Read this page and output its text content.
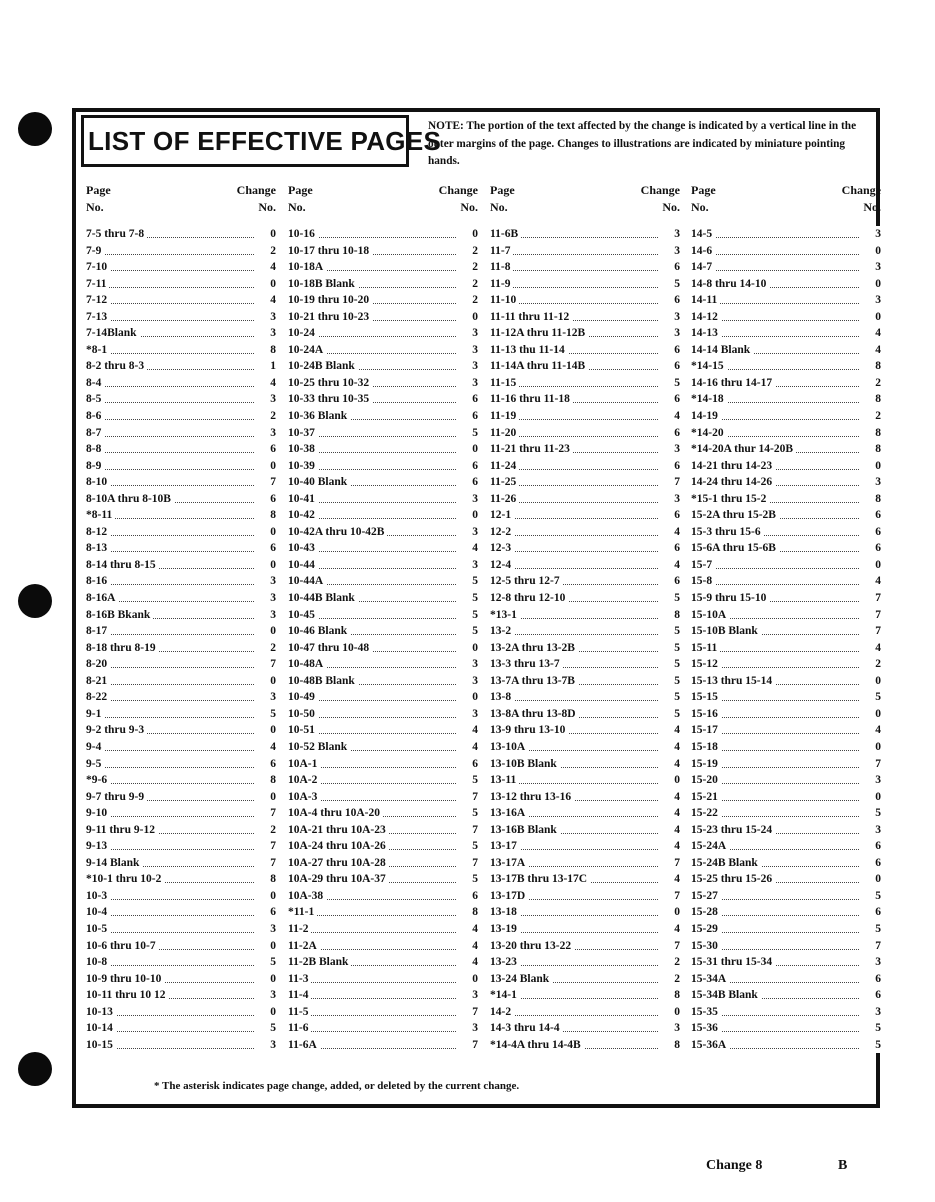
LIST OF EFFECTIVE PAGES
NOTE: The portion of the text affected by the change is indicated by a vertical line in the outer margins of the page. Changes to illustrations are indicated by miniature pointing hands.
Page
No.
Change
No.
7-5 thru 7-8	0
7-9	2
7-10	4
7-11	0
7-12	4
7-13	3
7-14Blank	3
*8-1	8
8-2 thru 8-3	1
8-4	4
8-5	3
8-6	2
8-7	3
8-8	6
8-9	0
8-10	7
8-10A thru 8-10B	6
*8-11	8
8-12	0
8-13	6
8-14 thru 8-15	0
8-16	3
8-16A	3
8-16B Bkank	3
8-17	0
8-18 thru 8-19	2
8-20	7
8-21	0
8-22	3
9-1	5
9-2 thru 9-3	0
9-4	4
9-5	6
*9-6	8
9-7 thru 9-9	0
9-10	7
9-11 thru 9-12	2
9-13	7
9-14 Blank	7
*10-1 thru 10-2	8
10-3	0
10-4	6
10-5	3
10-6 thru 10-7	0
10-8	5
10-9 thru 10-10	0
10-11 thru 10 12	3
10-13	0
10-14	5
10-15	3
Page
No.
Change
No.
10-16	0
10-17 thru 10-18	2
10-18A	2
10-18B Blank	2
10-19 thru 10-20	2
10-21 thru 10-23	0
10-24	3
10-24A	3
10-24B Blank	3
10-25 thru 10-32	3
10-33 thru 10-35	6
10-36 Blank	6
10-37	5
10-38	0
10-39	6
10-40 Blank	6
10-41	3
10-42	0
10-42A thru 10-42B	3
10-43	4
10-44	3
10-44A	5
10-44B Blank	5
10-45	5
10-46 Blank	5
10-47 thru 10-48	0
10-48A	3
10-48B Blank	3
10-49	0
10-50	3
10-51	4
10-52 Blank	4
10A-1	6
10A-2	5
10A-3	7
10A-4 thru 10A-20	5
10A-21 thru 10A-23	7
10A-24 thru 10A-26	5
10A-27 thru 10A-28	7
10A-29 thru 10A-37	5
10A-38	6
*11-1	8
11-2	4
11-2A	4
11-2B Blank	4
11-3	0
11-4	3
11-5	7
11-6	3
11-6A	7
Page
No.
Change
No.
11-6B	3
11-7	3
11-8	6
11-9	5
11-10	6
11-11 thru 11-12	3
11-12A thru 11-12B	3
11-13 thu 11-14	6
11-14A thru 11-14B	6
11-15	5
11-16 thru 11-18	6
11-19	4
11-20	6
11-21 thru 11-23	3
11-24	6
11-25	7
11-26	3
12-1	6
12-2	4
12-3	6
12-4	4
12-5 thru 12-7	6
12-8 thru 12-10	5
*13-1	8
13-2	5
13-2A thru 13-2B	5
13-3 thru 13-7	5
13-7A thru 13-7B	5
13-8	5
13-8A thru 13-8D	5
13-9 thru 13-10	4
13-10A	4
13-10B Blank	4
13-11	0
13-12 thru 13-16	4
13-16A	4
13-16B Blank	4
13-17	4
13-17A	7
13-17B thru 13-17C	4
13-17D	7
13-18	0
13-19	4
13-20 thru 13-22	7
13-23	2
13-24 Blank	2
*14-1	8
14-2	0
14-3 thru 14-4	3
*14-4A thru 14-4B	8
Page
No.
Change
No.
14-5	3
14-6	0
14-7	3
14-8 thru 14-10	0
14-11	3
14-12	0
14-13	4
14-14 Blank	4
*14-15	8
14-16 thru 14-17	2
*14-18	8
14-19	2
*14-20	8
*14-20A thur 14-20B	8
14-21 thru 14-23	0
14-24 thru 14-26	3
*15-1 thru 15-2	8
15-2A thru 15-2B	6
15-3 thru 15-6	6
15-6A thru 15-6B	6
15-7	0
15-8	4
15-9 thru 15-10	7
15-10A	7
15-10B Blank	7
15-11	4
15-12	2
15-13 thru 15-14	0
15-15	5
15-16	0
15-17	4
15-18	0
15-19	7
15-20	3
15-21	0
15-22	5
15-23 thru 15-24	3
15-24A	6
15-24B Blank	6
15-25 thru 15-26	0
15-27	5
15-28	6
15-29	5
15-30	7
15-31 thru 15-34	3
15-34A	6
15-34B Blank	6
15-35	3
15-36	5
15-36A	5
* The asterisk indicates page change, added, or deleted by the current change.
Change 8	B
